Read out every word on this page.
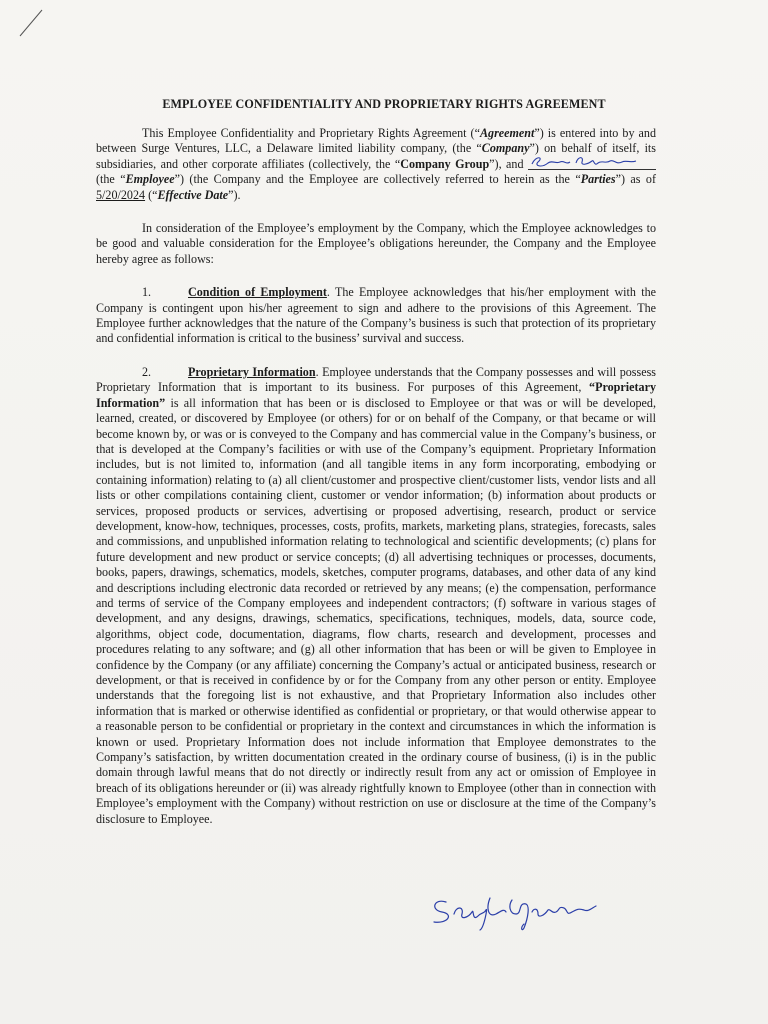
EMPLOYEE CONFIDENTIALITY AND PROPRIETARY RIGHTS AGREEMENT

This Employee Confidentiality and Proprietary Rights Agreement (“Agreement”) is entered into by and between Surge Ventures, LLC, a Delaware limited liability company, (the “Company”) on behalf of itself, its subsidiaries, and other corporate affiliates (collectively, the “Company Group”), and
(the “Employee”) (the Company and the Employee are collectively referred to herein as the “Parties”) as of 5/20/2024 (“Effective Date”).

In consideration of the Employee’s employment by the Company, which the Employee acknowledges to be good and valuable consideration for the Employee’s obligations hereunder, the Company and the Employee hereby agree as follows:

1.	Condition of Employment. The Employee acknowledges that his/her employment with the Company is contingent upon his/her agreement to sign and adhere to the provisions of this Agreement. The Employee further acknowledges that the nature of the Company’s business is such that protection of its proprietary and confidential information is critical to the business’ survival and success.

2.	Proprietary Information. Employee understands that the Company possesses and will possess Proprietary Information that is important to its business. For purposes of this Agreement, “Proprietary Information” is all information that has been or is disclosed to Employee or that was or will be developed, learned, created, or discovered by Employee (or others) for or on behalf of the Company, or that became or will become known by, or was or is conveyed to the Company and has commercial value in the Company’s business, or that is developed at the Company’s facilities or with use of the Company’s equipment. Proprietary Information includes, but is not limited to, information (and all tangible items in any form incorporating, embodying or containing information) relating to (a) all client/customer and prospective client/customer lists, vendor lists and all lists or other compilations containing client, customer or vendor information; (b) information about products or services, proposed products or services, advertising or proposed advertising, research, product or service development, know-how, techniques, processes, costs, profits, markets, marketing plans, strategies, forecasts, sales and commissions, and unpublished information relating to technological and scientific developments; (c) plans for future development and new product or service concepts; (d) all advertising techniques or processes, documents, books, papers, drawings, schematics, models, sketches, computer programs, databases, and other data of any kind and descriptions including electronic data recorded or retrieved by any means; (e) the compensation, performance and terms of service of the Company employees and independent contractors; (f) software in various stages of development, and any designs, drawings, schematics, specifications, techniques, models, data, source code, algorithms, object code, documentation, diagrams, flow charts, research and development, processes and procedures relating to any software; and (g) all other information that has been or will be given to Employee in confidence by the Company (or any affiliate) concerning the Company’s actual or anticipated business, research or development, or that is received in confidence by or for the Company from any other person or entity. Employee understands that the foregoing list is not exhaustive, and that Proprietary Information also includes other information that is marked or otherwise identified as confidential or proprietary, or that would otherwise appear to a reasonable person to be confidential or proprietary in the context and circumstances in which the information is known or used. Proprietary Information does not include information that Employee demonstrates to the Company’s satisfaction, by written documentation created in the ordinary course of business, (i) is in the public domain through lawful means that do not directly or indirectly result from any act or omission of Employee in breach of its obligations hereunder or (ii) was already rightfully known to Employee (other than in connection with Employee’s employment with the Company) without restriction on use or disclosure at the time of the Company’s disclosure to Employee.
